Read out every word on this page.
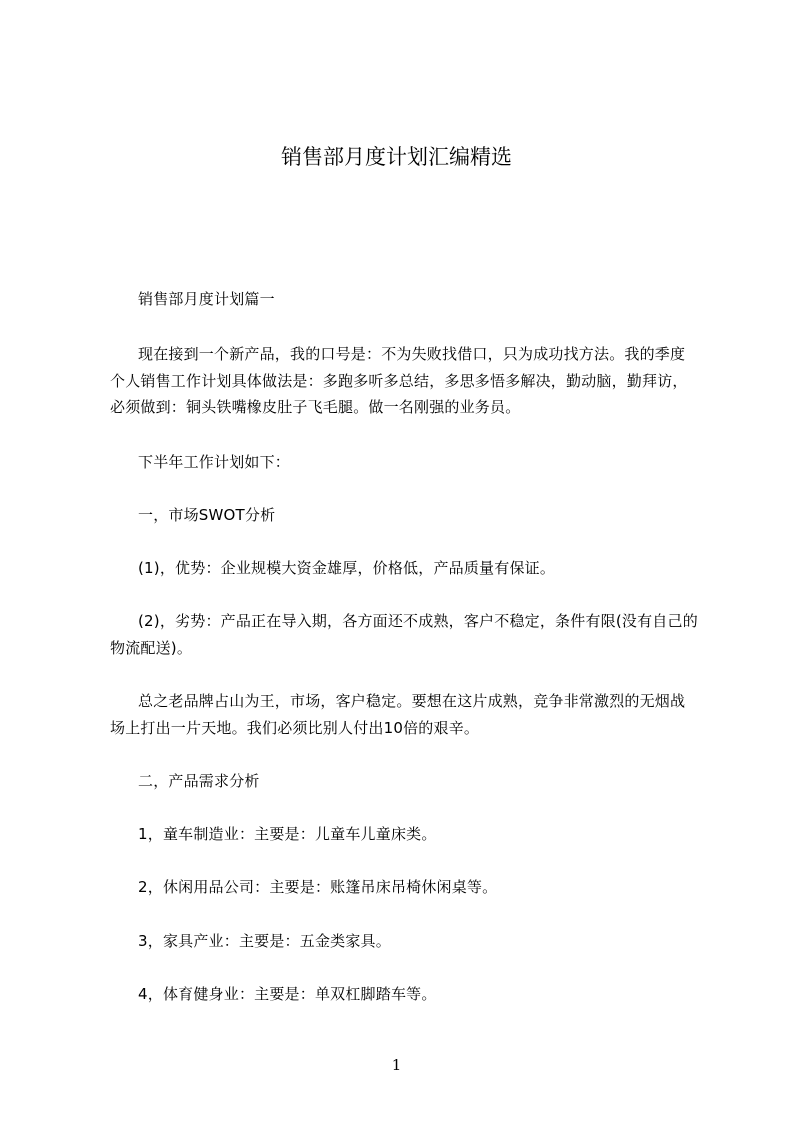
销售部月度计划汇编精选

销售部月度计划篇一

现在接到一个新产品，我的口号是：不为失败找借口，只为成功找方法。我的季度个人销售工作计划具体做法是：多跑多听多总结，多思多悟多解决，勤动脑，勤拜访，必须做到：铜头铁嘴橡皮肚子飞毛腿。做一名刚强的业务员。

下半年工作计划如下：

一，市场SWOT分析

(1)，优势：企业规模大资金雄厚，价格低，产品质量有保证。

(2)，劣势：产品正在导入期，各方面还不成熟，客户不稳定，条件有限(没有自己的物流配送)。

总之老品牌占山为王，市场，客户稳定。要想在这片成熟，竞争非常激烈的无烟战场上打出一片天地。我们必须比别人付出10倍的艰辛。

二，产品需求分析

1，童车制造业：主要是：儿童车儿童床类。

2，休闲用品公司：主要是：账篷吊床吊椅休闲桌等。

3，家具产业：主要是：五金类家具。

4，体育健身业：主要是：单双杠脚踏车等。

1
